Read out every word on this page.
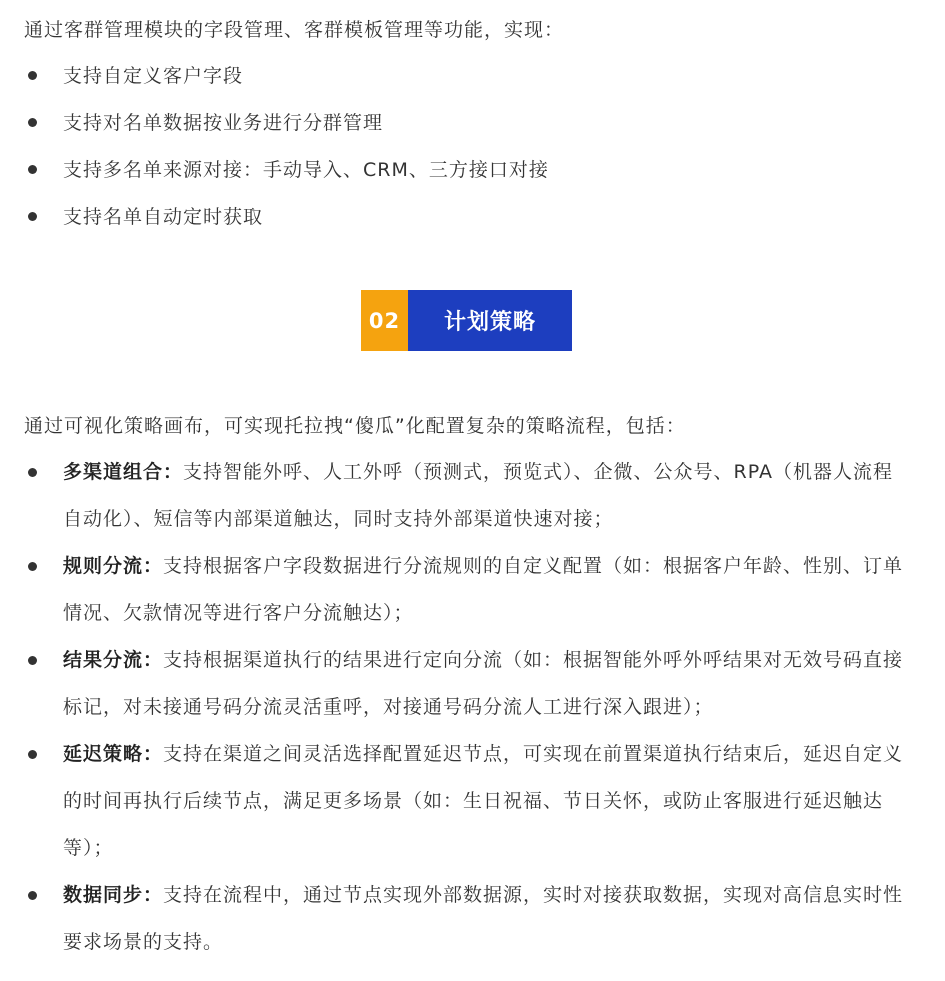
通过客群管理模块的字段管理、客群模板管理等功能，实现：

支持自定义客户字段
支持对名单数据按业务进行分群管理
支持多名单来源对接：手动导入、CRM、三方接口对接
支持名单自动定时获取
02	计划策略

通过可视化策略画布，可实现托拉拽“傻瓜”化配置复杂的策略流程，包括：

多渠道组合：支持智能外呼、人工外呼（预测式，预览式）、企微、公众号、RPA（机器人流程自动化）、短信等内部渠道触达，同时支持外部渠道快速对接；
规则分流：支持根据客户字段数据进行分流规则的自定义配置（如：根据客户年龄、性别、订单情况、欠款情况等进行客户分流触达）；
结果分流：支持根据渠道执行的结果进行定向分流（如：根据智能外呼外呼结果对无效号码直接标记，对未接通号码分流灵活重呼，对接通号码分流人工进行深入跟进）；
延迟策略：支持在渠道之间灵活选择配置延迟节点，可实现在前置渠道执行结束后，延迟自定义的时间再执行后续节点，满足更多场景（如：生日祝福、节日关怀，或防止客服进行延迟触达等）；
数据同步：支持在流程中，通过节点实现外部数据源，实时对接获取数据，实现对高信息实时性要求场景的支持。
